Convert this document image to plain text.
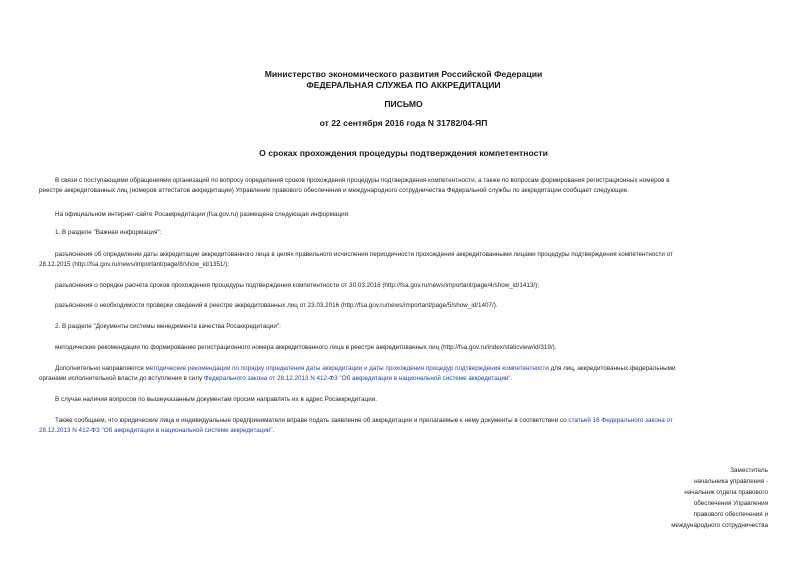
Министерство экономического развития Российской Федерации
ФЕДЕРАЛЬНАЯ СЛУЖБА ПО АККРЕДИТАЦИИ
ПИСЬМО
от 22 сентября 2016 года N 31782/04-ЯП
О сроках прохождения процедуры подтверждения компетентности
В связи с поступающими обращениями организаций по вопросу определения сроков прохождения процедуры подтверждения компетентности, а также по вопросам формирования регистрационных номеров в
реестре аккредитованных лиц (номеров аттестатов аккредитации) Управление правового обеспечения и международного сотрудничества Федеральной службы по аккредитации сообщает следующее.
На официальном интернет-сайте Росаккредитации (fsa.gov.ru) размещена следующая информация:
1. В разделе "Важная информация":
разъяснения об определении даты аккредитации аккредитованного лица в целях правильного исчисления периодичности прохождения аккредитованными лицами процедуры подтверждения компетентности от
28.12.2015 (http://fsa.gov.ru/news/important/page/8/show_id/1351/);
разъяснения о порядке расчета сроков прохождения процедуры подтверждения компетентности от 30.03.2016 (http://fsa.gov.ru/news/important/page/4/show_id/1413/);
разъяснения о необходимости проверки сведений в реестре аккредитованных лиц от 23.03.2016 (http://fsa.gov.ru/news/important/page/5/show_id/1407/).
2. В разделе "Документы системы менеджмента качества Росаккредитации":
методические рекомендации по формированию регистрационного номера аккредитованного лица в реестре аккредитованных лиц (http://fsa.gov.ru/index/staticview/id/319/).
Дополнительно направляются методические рекомендации по порядку определения даты аккредитации и даты прохождения процедур подтверждения компетентности для лиц, аккредитованных федеральными
органами исполнительной власти до вступления в силу Федерального закона от 28.12.2013 N 412-ФЗ "Об аккредитации в национальной системе аккредитации".
В случае наличия вопросов по вышеуказанным документам просим направлять их в адрес Росаккредитации.
Также сообщаем, что юридические лица и индивидуальные предприниматели вправе подать заявление об аккредитации и прилагаемые к нему документы в соответствии со статьей 16 Федерального закона от
28.12.2013 N 412-ФЗ "Об аккредитации в национальной системе аккредитации".
Заместитель
начальника управления -
начальник отдела правового
обеспечения Управления
правового обеспечения и
международного сотрудничества
